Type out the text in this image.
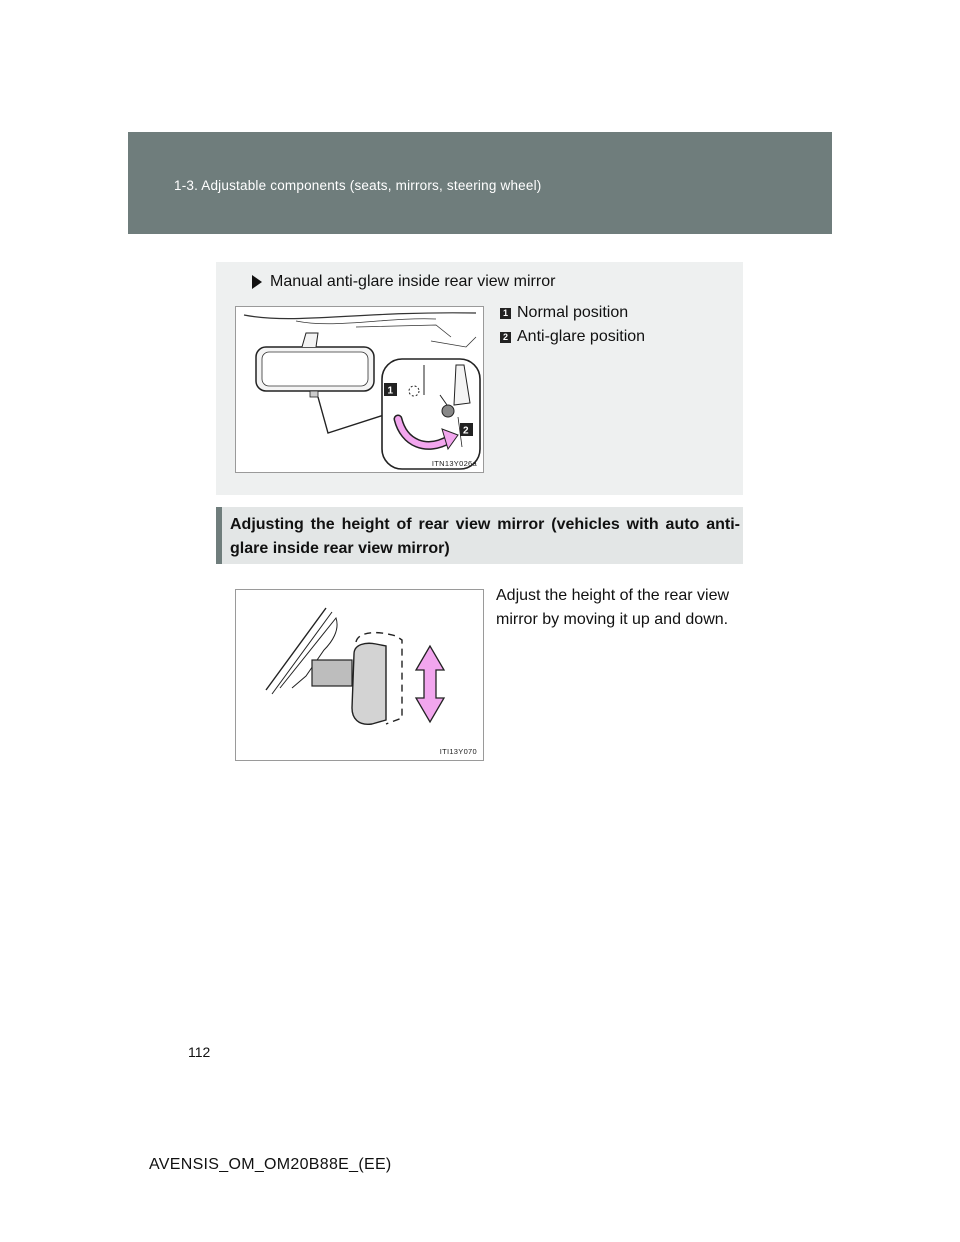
1-3. Adjustable components (seats, mirrors, steering wheel)
Manual anti-glare inside rear view mirror
1 Normal position
2 Anti-glare position
1
2
ITN13Y026a
Adjusting the height of rear view mirror (vehicles with auto anti-glare inside rear view mirror)
ITI13Y070
Adjust the height of the rear view mirror by moving it up and down.
112
AVENSIS_OM_OM20B88E_(EE)
